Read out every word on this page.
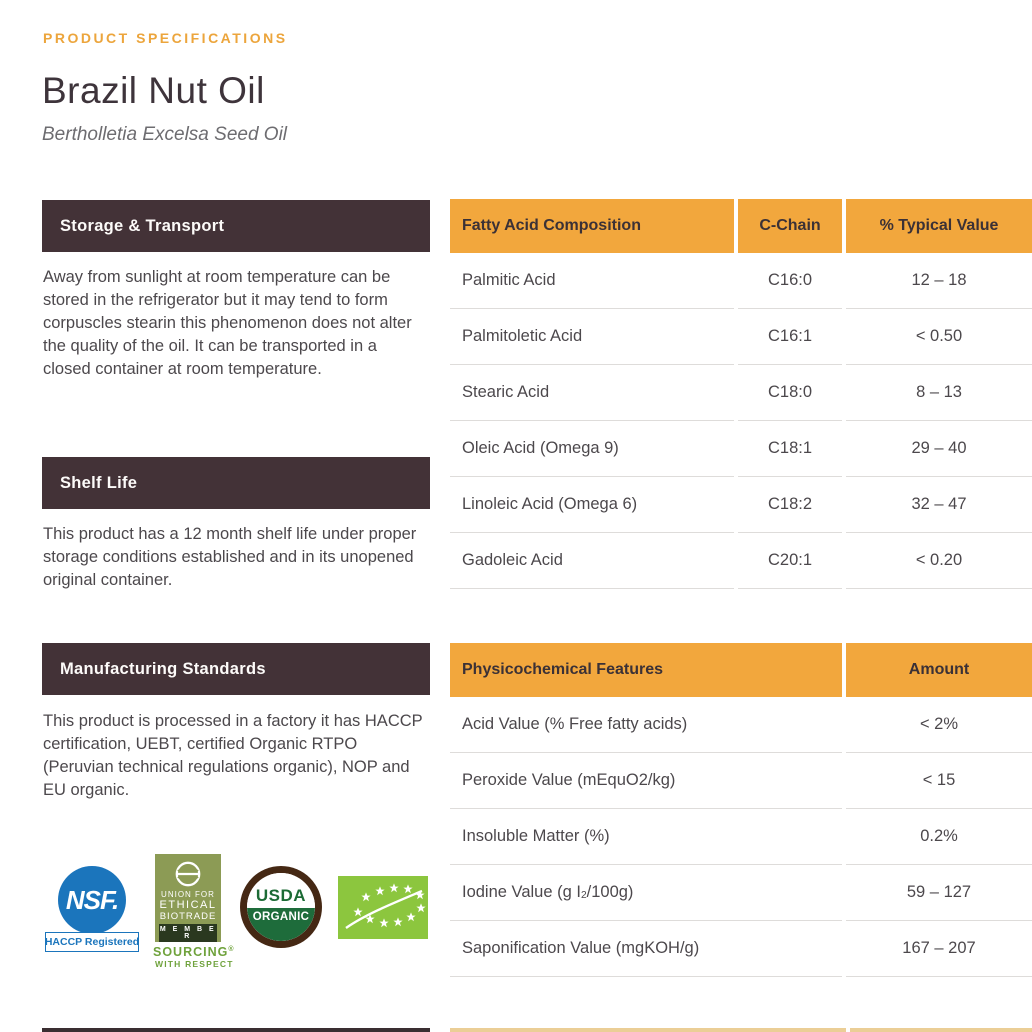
PRODUCT SPECIFICATIONS
Brazil Nut Oil
Bertholletia Excelsa Seed Oil
Storage & Transport

Away from sunlight at room temperature can be stored in the refrigerator but it may tend to form corpuscles stearin this phenomenon does not alter the quality of the oil. It can be transported in a closed container at room temperature.

Shelf Life

This product has a 12 month shelf life under proper storage conditions established and in its unopened original container.

Manufacturing Standards

This product is processed in a factory it has HACCP certification, UEBT, certified Organic RTPO (Peruvian technical regulations organic), NOP and EU organic.

Fatty Acid Composition	C-Chain	% Typical Value
Palmitic Acid	C16:0	12 – 18
Palmitoletic Acid	C16:1	< 0.50
Stearic Acid	C18:0	8 – 13
Oleic Acid (Omega 9)	C18:1	29 – 40
Linoleic Acid (Omega 6)	C18:2	32 – 47
Gadoleic Acid	C20:1	< 0.20
Physicochemical Features	Amount
Acid Value (% Free fatty acids)	< 2%
Peroxide Value (mEquO2/kg)	< 15
Insoluble Matter (%)	0.2%
Iodine Value (g I 2 /100g)	59 – 127
Saponification Value (mgKOH/g)	167 – 207
NSF.
HACCP Registered
UNION FOR
ETHICAL
BIOTRADE
M E M B E R
SOURCING®
WITH RESPECT
USDA
ORGANIC
